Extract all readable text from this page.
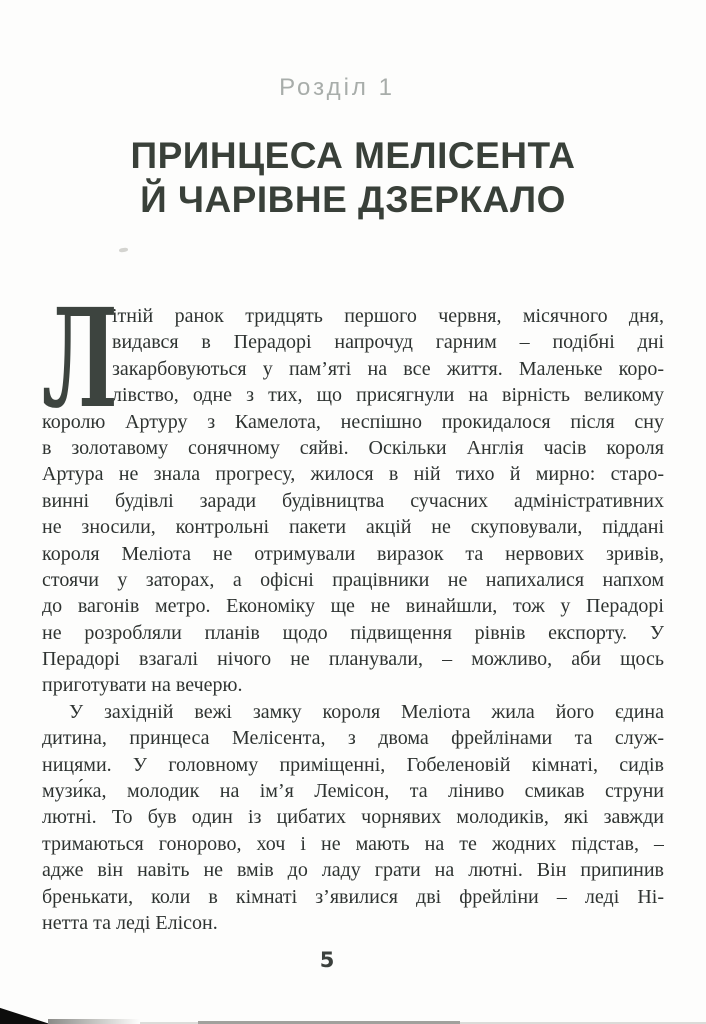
Розділ 1
ПРИНЦЕСА МЕЛІСЕНТА
Й ЧАРІВНЕ ДЗЕРКАЛО
Л
ітній ранок тридцять першого червня, місячного дня,
видався в Перадорі напрочуд гарним – подібні дні
закарбовуються у пам’яті на все життя. Маленьке коро-
лівство, одне з тих, що присягнули на вірність великому
королю Артуру з Камелота, неспішно прокидалося після сну
в золотавому сонячному сяйві. Оскільки Англія часів короля
Артура не знала прогресу, жилося в ній тихо й мирно: старо-
винні будівлі заради будівництва сучасних адміністративних
не зносили, контрольні пакети акцій не скуповували, піддані
короля Меліота не отримували виразок та нервових зривів,
стоячи у заторах, а офісні працівники не напихалися напхом
до вагонів метро. Економіку ще не винайшли, тож у Перадорі
не розробляли планів щодо підвищення рівнів експорту. У
Перадорі взагалі нічого не планували, – можливо, аби щось
приготувати на вечерю.
У західній вежі замку короля Меліота жила його єдина
дитина, принцеса Мелісента, з двома фрейлінами та служ-
ницями. У головному приміщенні, Гобеленовій кімнаті, сидів
музи́ка, молодик на ім’я Лемісон, та ліниво смикав струни
лютні. То був один із цибатих чорнявих молодиків, які завжди
тримаються гонорово, хоч і не мають на те жодних підстав, –
адже він навіть не вмів до ладу грати на лютні. Він припинив
бренькати, коли в кімнаті з’явилися дві фрейліни – леді Ні-
нетта та леді Елісон.
5
